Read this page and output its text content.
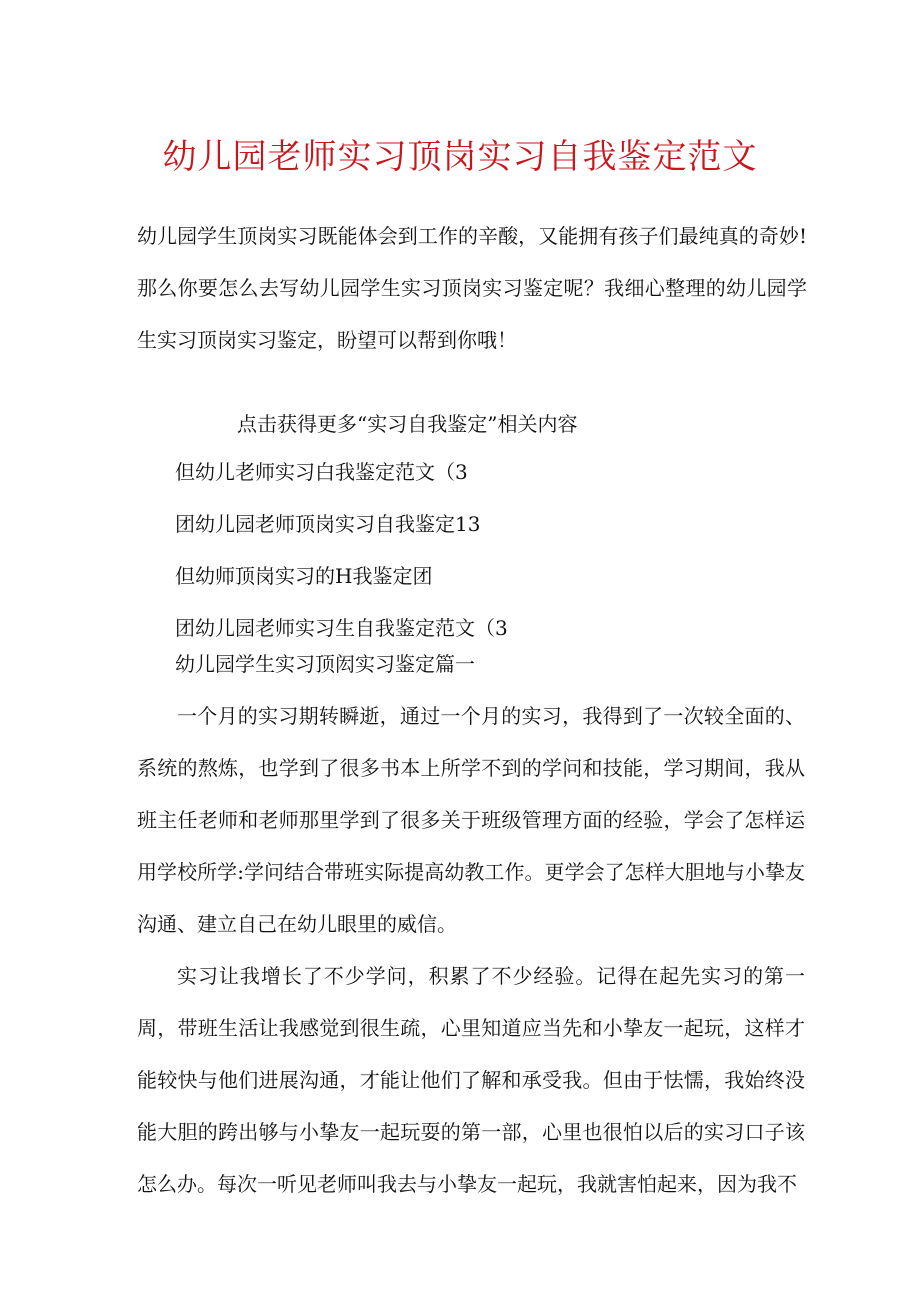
幼儿园老师实习顶岗实习自我鉴定范文

幼儿园学生顶岗实习既能体会到工作的辛酸，又能拥有孩子们最纯真的奇妙!那么你要怎么去写幼儿园学生实习顶岗实习鉴定呢？我细心整理的幼儿园学生实习顶岗实习鉴定，盼望可以帮到你哦！

点击获得更多“实习自我鉴定”相关内容

但幼儿老师实习白我鉴定范文（3
团幼儿园老师顶岗实习自我鉴定13
但幼师顶岗实习的H我鉴定团
团幼儿园老师实习生自我鉴定范文（3
幼儿园学生实习顶闳实习鉴定篇一

一个月的实习期转瞬逝，通过一个月的实习，我得到了一次较全面的、系统的熬炼，也学到了很多书本上所学不到的学问和技能，学习期间，我从班主任老师和老师那里学到了很多关于班级管理方面的经验，学会了怎样运用学校所学:学问结合带班实际提高幼教工作。更学会了怎样大胆地与小挚友沟通、建立自己在幼儿眼里的威信。

实习让我增长了不少学问，积累了不少经验。记得在起先实习的第一周，带班生活让我感觉到很生疏，心里知道应当先和小挚友一起玩，这样才能较快与他们进展沟通，才能让他们了解和承受我。但由于怯懦，我始终没能大胆的跨出够与小挚友一起玩耍的第一部，心里也很怕以后的实习口子该怎么办。每次一听见老师叫我去与小挚友一起玩，我就害怕起来，因为我不
